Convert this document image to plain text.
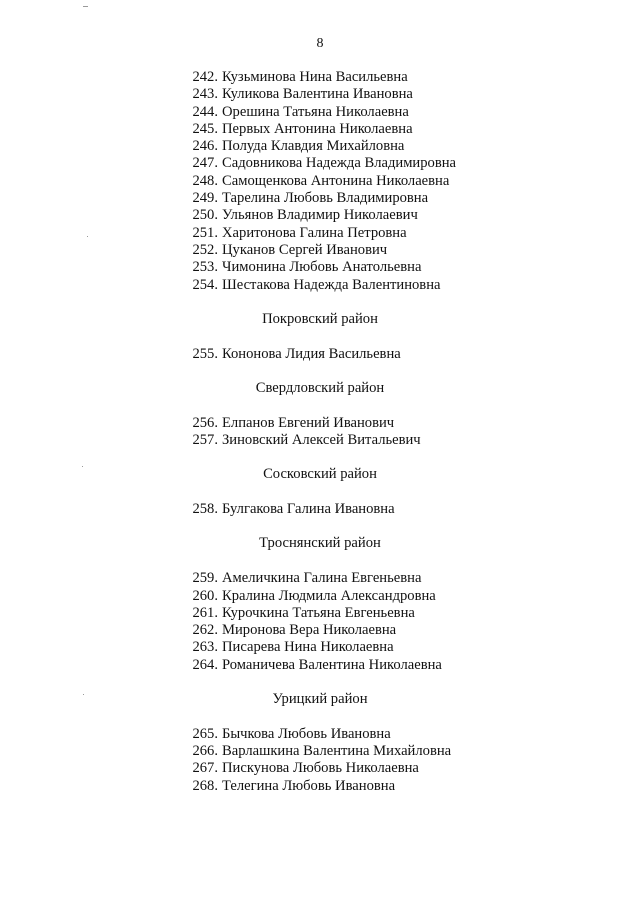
8
242. Кузьминова Нина Васильевна
243. Куликова Валентина Ивановна
244. Орешина Татьяна Николаевна
245. Первых Антонина Николаевна
246. Полуда Клавдия Михайловна
247. Садовникова Надежда Владимировна
248. Самощенкова Антонина Николаевна
249. Тарелина Любовь Владимировна
250. Ульянов Владимир Николаевич
251. Харитонова Галина Петровна
252. Цуканов Сергей Иванович
253. Чимонина Любовь Анатольевна
254. Шестакова Надежда Валентиновна
Покровский район
255. Кононова Лидия Васильевна
Свердловский район
256. Елпанов Евгений Иванович
257. Зиновский Алексей Витальевич
Сосковский район
258. Булгакова Галина Ивановна
Троснянский район
259. Амеличкина Галина Евгеньевна
260. Кралина Людмила Александровна
261. Курочкина Татьяна Евгеньевна
262. Миронова Вера Николаевна
263. Писарева Нина Николаевна
264. Романичева Валентина Николаевна
Урицкий район
265. Бычкова Любовь Ивановна
266. Варлашкина Валентина Михайловна
267. Пискунова Любовь Николаевна
268. Телегина Любовь Ивановна
